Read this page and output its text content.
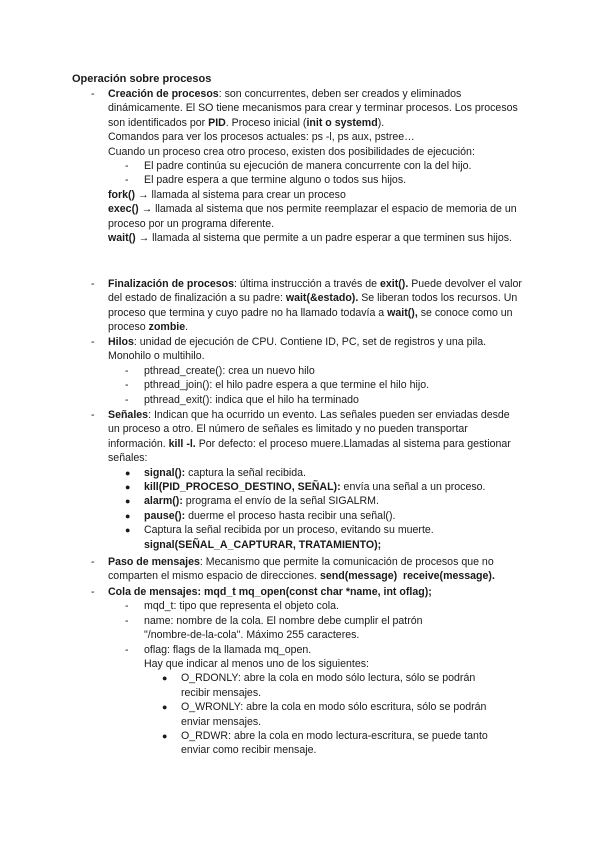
Operación sobre procesos
- Creación de procesos: son concurrentes, deben ser creados y eliminados dinámicamente. El SO tiene mecanismos para crear y terminar procesos. Los procesos son identificados por PID. Proceso inicial (init o systemd).
Comandos para ver los procesos actuales: ps -l, ps aux, pstree…
Cuando un proceso crea otro proceso, existen dos posibilidades de ejecución:
- El padre continúa su ejecución de manera concurrente con la del hijo.
- El padre espera a que termine alguno o todos sus hijos.
fork() → llamada al sistema para crear un proceso
exec() → llamada al sistema que nos permite reemplazar el espacio de memoria de un proceso por un programa diferente.
wait() → llamada al sistema que permite a un padre esperar a que terminen sus hijos.
- Finalización de procesos: última instrucción a través de exit(). Puede devolver el valor del estado de finalización a su padre: wait(&estado). Se liberan todos los recursos. Un proceso que termina y cuyo padre no ha llamado todavía a wait(), se conoce como un proceso zombie.
- Hilos: unidad de ejecución de CPU. Contiene ID, PC, set de registros y una pila. Monohilo o multihilo.
- pthread_create(): crea un nuevo hilo
- pthread_join(): el hilo padre espera a que termine el hilo hijo.
- pthread_exit(): indica que el hilo ha terminado
- Señales: Indican que ha ocurrido un evento. Las señales pueden ser enviadas desde un proceso a otro. El número de señales es limitado y no pueden transportar información. kill -l. Por defecto: el proceso muere.Llamadas al sistema para gestionar señales:
● signal(): captura la señal recibida.
● kill(PID_PROCESO_DESTINO, SEÑAL): envía una señal a un proceso.
● alarm(): programa el envío de la señal SIGALRM.
● pause(): duerme el proceso hasta recibir una señal().
● Captura la señal recibida por un proceso, evitando su muerte.
signal(SEÑAL_A_CAPTURAR, TRATAMIENTO);
- Paso de mensajes: Mecanismo que permite la comunicación de procesos que no comparten el mismo espacio de direcciones. send(message) receive(message).
- Cola de mensajes: mqd_t mq_open(const char *name, int oflag);
- mqd_t: tipo que representa el objeto cola.
- name: nombre de la cola. El nombre debe cumplir el patrón "/nombre-de-la-cola". Máximo 255 caracteres.
- oflag: flags de la llamada mq_open.
Hay que indicar al menos uno de los siguientes:
● O_RDONLY: abre la cola en modo sólo lectura, sólo se podrán recibir mensajes.
● O_WRONLY: abre la cola en modo sólo escritura, sólo se podrán enviar mensajes.
● O_RDWR: abre la cola en modo lectura-escritura, se puede tanto enviar como recibir mensaje.
